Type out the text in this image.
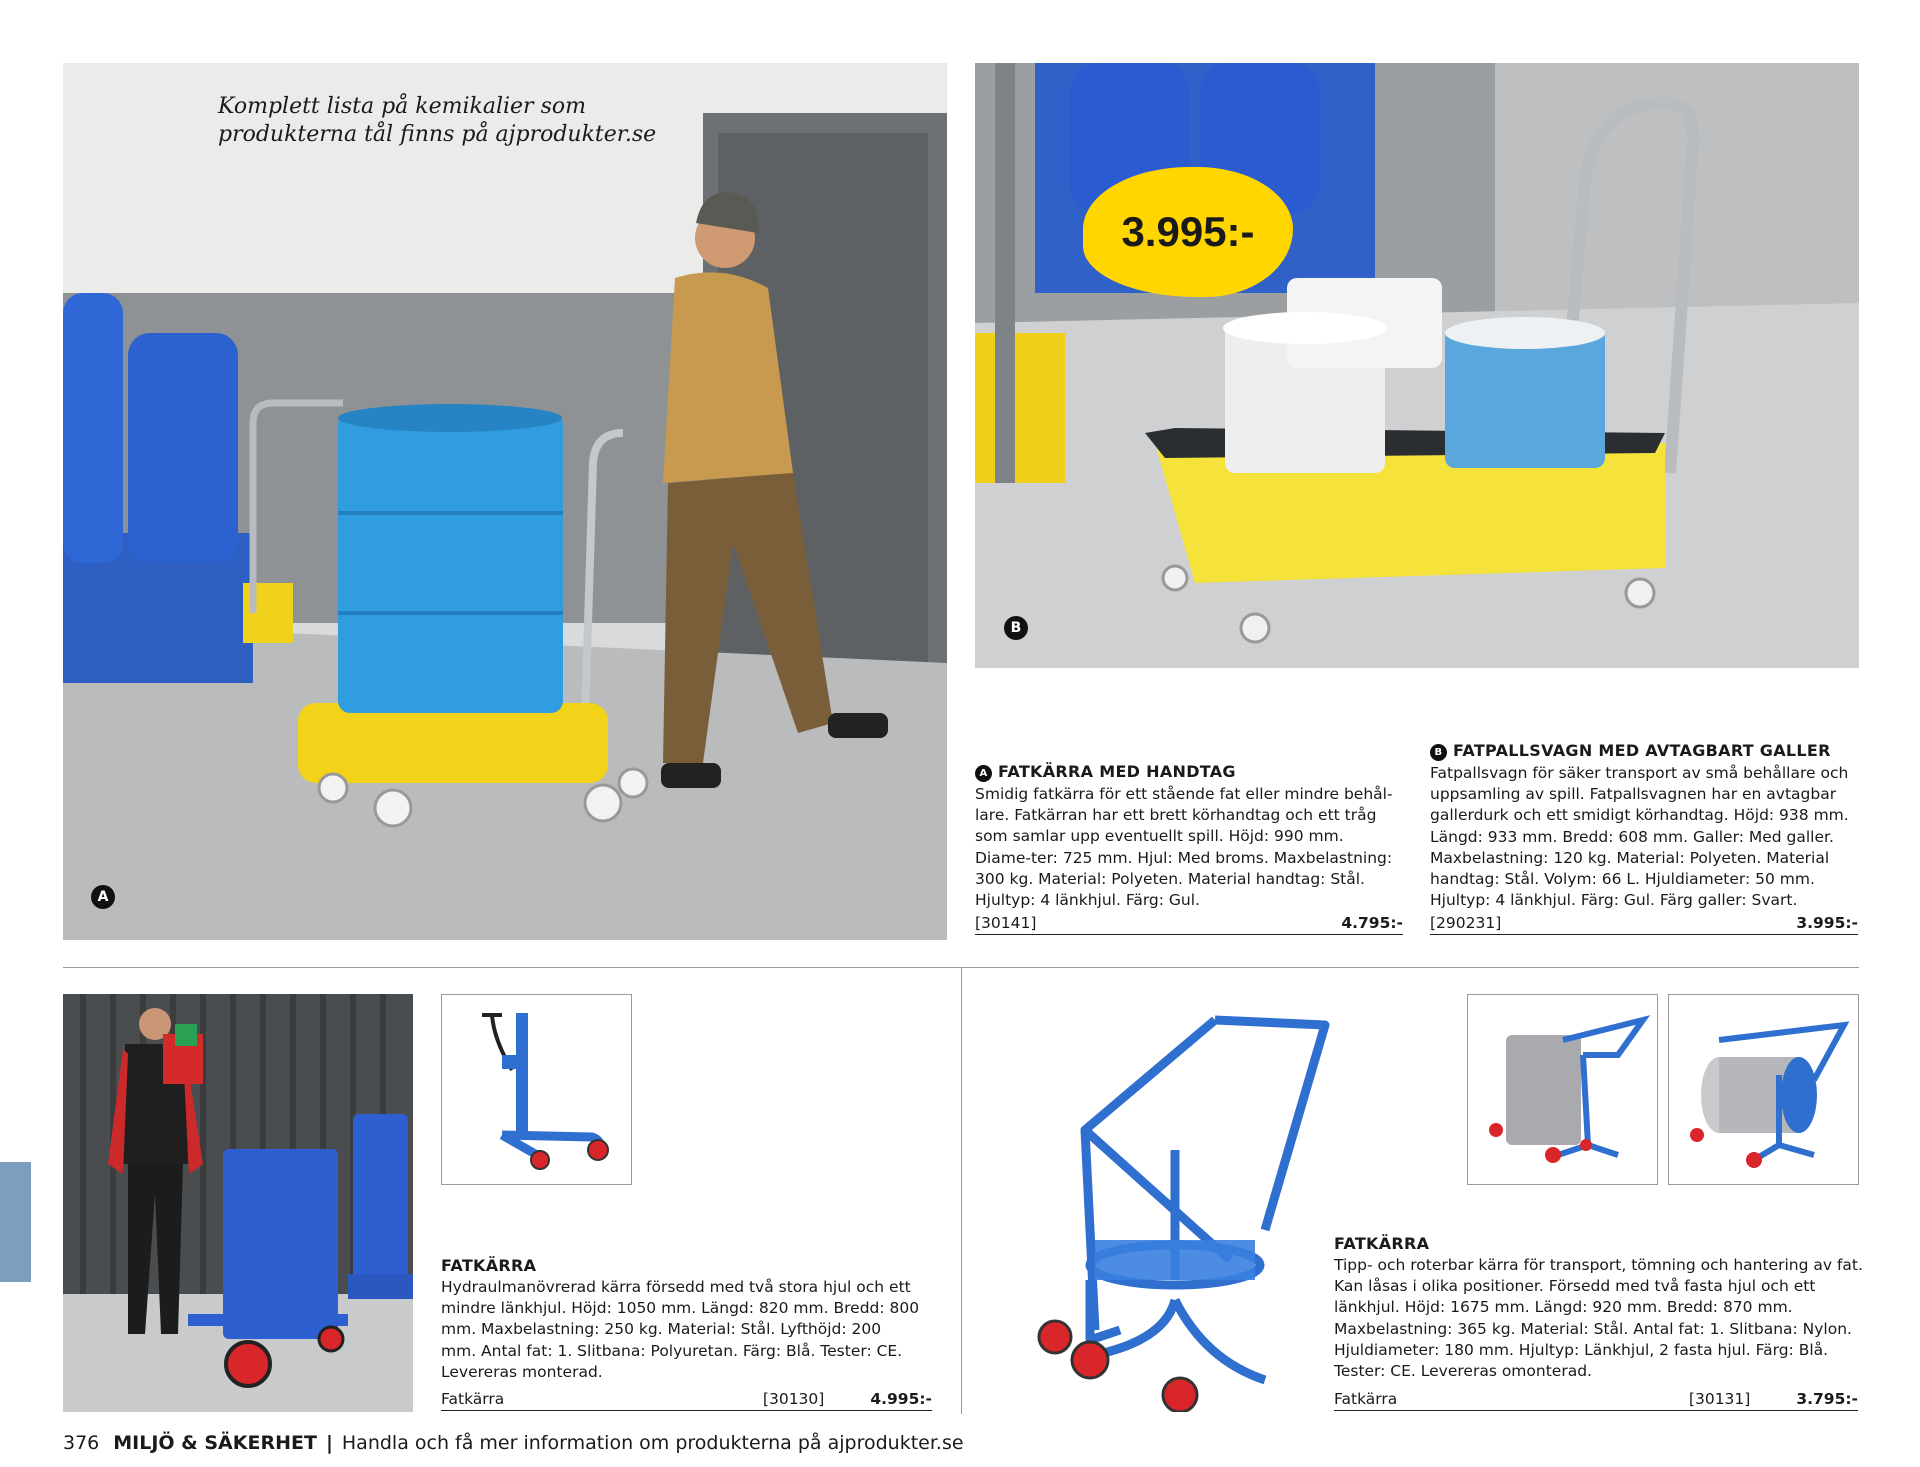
Komplett lista på kemikalier som
produkterna tål finns på ajprodukter.se
A
3.995:-
B
A FATKÄRRA MED HANDTAG
Smidig fatkärra för ett stående fat eller mindre behål-lare. Fatkärran har ett brett körhandtag och ett tråg som samlar upp eventuellt spill. Höjd: 990 mm. Diame-ter: 725 mm. Hjul: Med broms. Maxbelastning: 300 kg. Material: Polyeten. Material handtag: Stål. Hjultyp: 4 länkhjul. Färg: Gul.
[30141]	4.795:-
B FATPALLSVAGN MED AVTAGBART GALLER
Fatpallsvagn för säker transport av små behållare och uppsamling av spill. Fatpallsvagnen har en avtagbar gallerdurk och ett smidigt körhandtag. Höjd: 938 mm. Längd: 933 mm. Bredd: 608 mm. Galler: Med galler. Maxbelastning: 120 kg. Material: Polyeten. Material handtag: Stål. Volym: 66 L. Hjuldiameter: 50 mm. Hjultyp: 4 länkhjul. Färg: Gul. Färg galler: Svart.
[290231]	3.995:-
FATKÄRRA
Hydraulmanövrerad kärra försedd med två stora hjul och ett mindre länkhjul. Höjd: 1050 mm. Längd: 820 mm. Bredd: 800 mm. Maxbelastning: 250 kg. Material: Stål. Lyfthöjd: 200 mm. Antal fat: 1. Slitbana: Polyuretan. Färg: Blå. Tester: CE. Levereras monterad.
Fatkärra	[30130]	4.995:-
FATKÄRRA
Tipp- och roterbar kärra för transport, tömning och hantering av fat. Kan låsas i olika positioner. Försedd med två fasta hjul och ett länkhjul. Höjd: 1675 mm. Längd: 920 mm. Bredd: 870 mm. Maxbelastning: 365 kg. Material: Stål. Antal fat: 1. Slitbana: Nylon. Hjuldiameter: 180 mm. Hjultyp: Länkhjul, 2 fasta hjul. Färg: Blå. Tester: CE. Levereras omonterad.
Fatkärra	[30131]	3.795:-
376 MILJÖ & SÄKERHET | Handla och få mer information om produkterna på ajprodukter.se
